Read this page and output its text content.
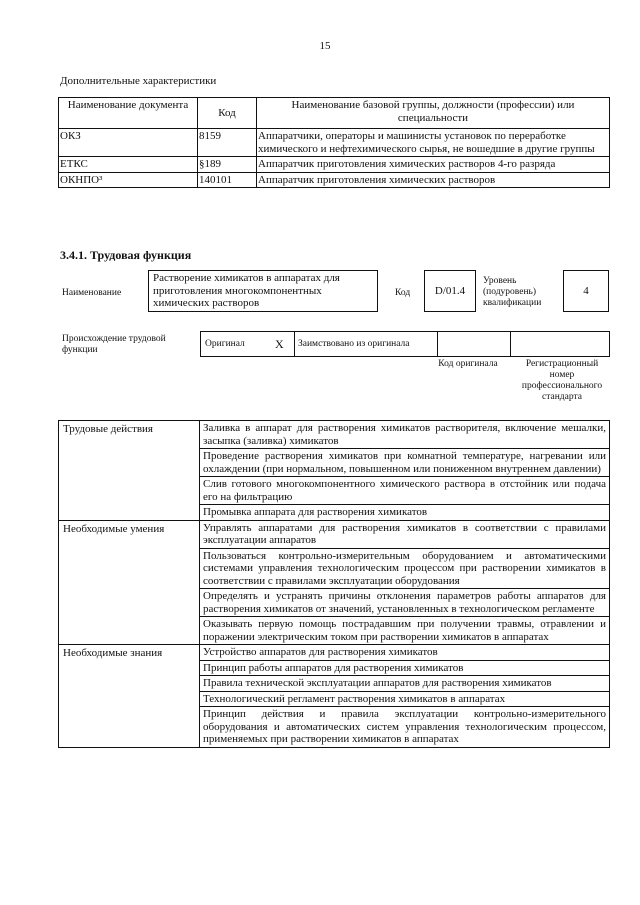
15
Дополнительные характеристики
Наименование документа	Код	Наименование базовой группы, должности (профессии) или специальности
ОКЗ	8159	Аппаратчики, операторы и машинисты установок по переработке химического и нефтехимического сырья, не вошедшие в другие группы
ЕТКС	§189	Аппаратчик приготовления химических растворов 4-го разряда
ОКНПО³	140101	Аппаратчик приготовления химических растворов
3.4.1. Трудовая функция
Наименование
Растворение химикатов в аппаратах для приготовления многокомпонентных химических растворов
Код	D/01.4
Уровень (подуровень) квалификации
4
Происхождение трудовой функции
Оригинал	X	Заимствовано из оригинала		
Код оригинала	Регистрационный номер профессионального стандарта
Трудовые действия	Заливка в аппарат для растворения химикатов растворителя, включение мешалки, засыпка (заливка) химикатов
	Проведение растворения химикатов при комнатной температуре, нагревании или охлаждении (при нормальном, повышенном или пониженном внутреннем давлении)
	Слив готового многокомпонентного химического раствора в отстойник или подача его на фильтрацию
	Промывка аппарата для растворения химикатов
Необходимые умения	Управлять аппаратами для растворения химикатов в соответствии с правилами эксплуатации аппаратов
	Пользоваться контрольно-измерительным оборудованием и автоматическими системами управления технологическим процессом при растворении химикатов в соответствии с правилами эксплуатации оборудования
	Определять и устранять причины отклонения параметров работы аппаратов для растворения химикатов от значений, установленных в технологическом регламенте
	Оказывать первую помощь пострадавшим при получении травмы, отравлении и поражении электрическим током при растворении химикатов в аппаратах
Необходимые знания	Устройство аппаратов для растворения химикатов
	Принцип работы аппаратов для растворения химикатов
	Правила технической эксплуатации аппаратов для растворения химикатов
	Технологический регламент растворения химикатов в аппаратах
	Принцип действия и правила эксплуатации контрольно-измерительного оборудования и автоматических систем управления технологическим процессом, применяемых при растворении химикатов в аппаратах
